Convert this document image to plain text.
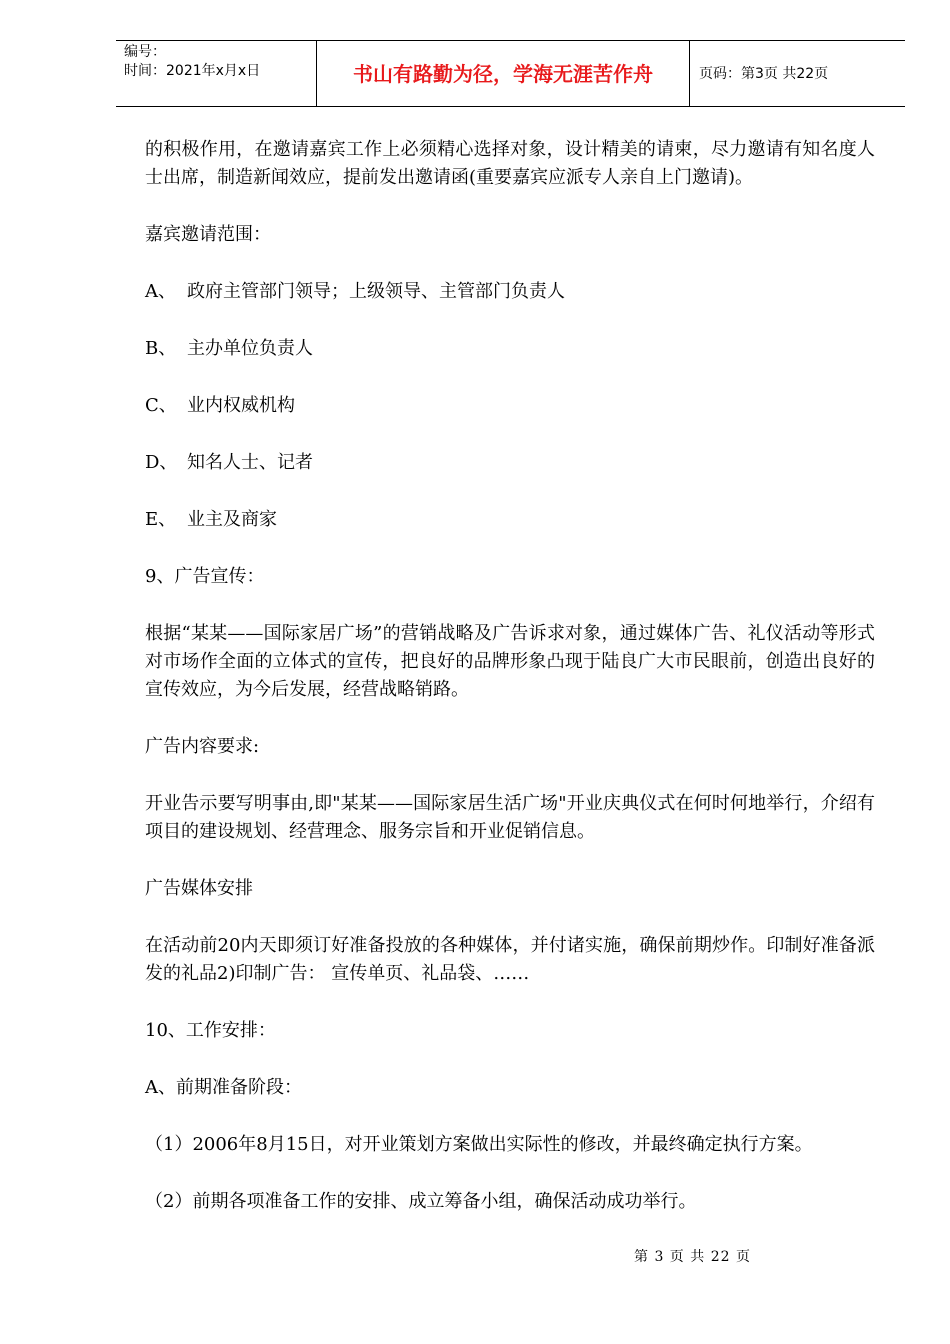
编号：
时间：2021年x月x日	书山有路勤为径，学海无涯苦作舟	页码：第3页 共22页

的积极作用，在邀请嘉宾工作上必须精心选择对象，设计精美的请柬，尽力邀请有知名度人士出席，制造新闻效应，提前发出邀请函(重要嘉宾应派专人亲自上门邀请)。

嘉宾邀请范围：

A、 政府主管部门领导；上级领导、主管部门负责人

B、 主办单位负责人

C、 业内权威机构

D、 知名人士、记者

E、 业主及商家

9、广告宣传：

根据“某某——国际家居广场”的营销战略及广告诉求对象，通过媒体广告、礼仪活动等形式对市场作全面的立体式的宣传，把良好的品牌形象凸现于陆良广大市民眼前，创造出良好的宣传效应，为今后发展，经营战略销路。

广告内容要求:

开业告示要写明事由,即"某某——国际家居生活广场"开业庆典仪式在何时何地举行，介绍有项目的建设规划、经营理念、服务宗旨和开业促销信息。

广告媒体安排

在活动前20内天即须订好准备投放的各种媒体，并付诸实施，确保前期炒作。印制好准备派发的礼品2)印制广告： 宣传单页、礼品袋、……

10、工作安排：

A、前期准备阶段：

（1）2006年8月15日，对开业策划方案做出实际性的修改，并最终确定执行方案。

（2）前期各项准备工作的安排、成立筹备小组，确保活动成功举行。

第 3 页 共 22 页
